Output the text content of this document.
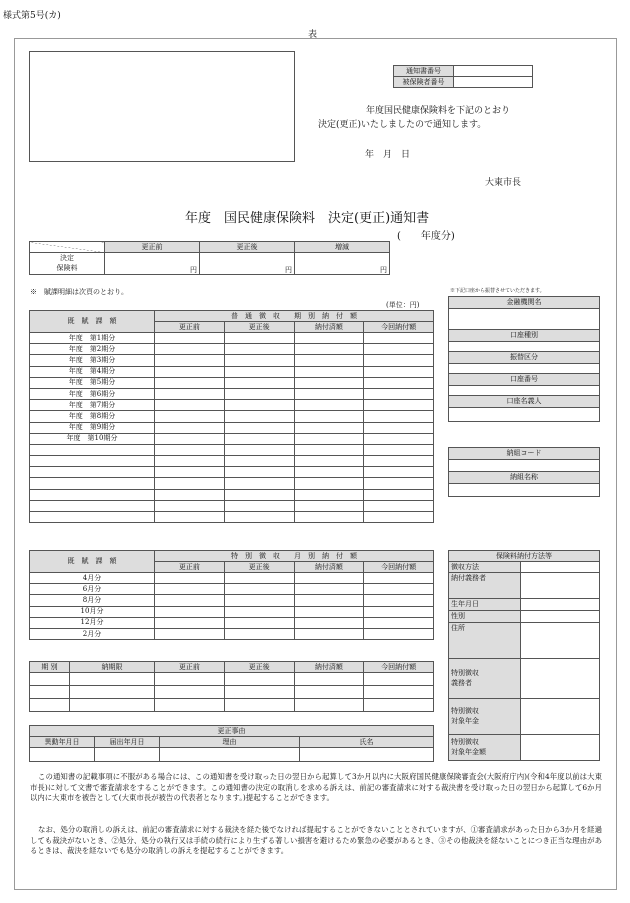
様式第5号(カ)
表
通知書番号	
被保険者番号	
年度国民健康保険料を下記のとおり
決定(更正)いたしましたので通知します。
年　月　日
大東市長
年度　国民健康保険料　決定(更正)通知書
(　　年度分)
	更正前	更正後	増減
決定
保険料	円	円	円
※　賦課明細は次頁のとおり。
(単位：円)
既　賦　課　額	普　通　徴　収　　期　別　納　付　額			
	更正前	更正後	納付済額	今回納付額
年度　第1期分				
年度　第2期分				
年度　第3期分				
年度　第4期分				
年度　第5期分				
年度　第6期分				
年度　第7期分				
年度　第8期分				
年度　第9期分				
年度　第10期分				

既　賦　課　額	特　別　徴　収　　月　別　納　付　額			
	更正前	更正後	納付済額	今回納付額
4月分				
6月分				
8月分				
10月分				
12月分				
2月分				
期 別	納期限	更正前	更正後	納付済額	今回納付額

更正事由			
異動年月日	届出年月日	理由	氏名

※下記口座から振替させていただきます。
金融機関名

口座種別

振替区分

口座番号

口座名義人

納組コード

納組名称

保険料納付方法等	
徴収方法	
納付義務者	
生年月日	
性別	
住所	
特別徴収
義務者	
特別徴収
対象年金	
特別徴収
対象年金額	
この通知書の記載事項に不服がある場合には、この通知書を受け取った日の翌日から起算して3か月以内に大阪府国民健康保険審査会(大阪府庁内)(令和4年度以前は大東市長)に対して文書で審査請求をすることができます。この通知書の決定の取消しを求める訴えは、前記の審査請求に対する裁決書を受け取った日の翌日から起算して6か月以内に大東市を被告として(大東市長が被告の代表者となります。)提起することができます。
なお、処分の取消しの訴えは、前記の審査請求に対する裁決を経た後でなければ提起することができないこととされていますが、①審査請求があった日から3か月を経過しても裁決がないとき、②処分、処分の執行又は手続の続行により生ずる著しい損害を避けるため緊急の必要があるとき、③その他裁決を経ないことにつき正当な理由があるときは、裁決を経ないでも処分の取消しの訴えを提起することができます。
